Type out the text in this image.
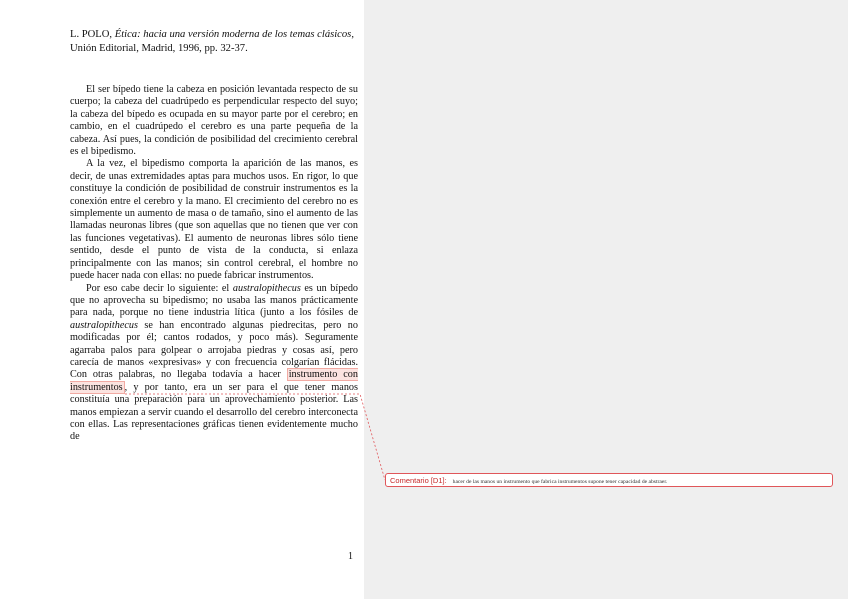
L. POLO, Ética: hacia una versión moderna de los temas clásicos, Unión Editorial, Madrid, 1996, pp. 32-37.

El ser bípedo tiene la cabeza en posición levantada respecto de su cuerpo; la cabeza del cuadrúpedo es perpendicular respecto del suyo; la cabeza del bípedo es ocupada en su mayor parte por el cerebro; en cambio, en el cuadrúpedo el cerebro es una parte pequeña de la cabeza. Así pues, la condición de posibilidad del crecimiento cerebral es el bipedismo.

A la vez, el bipedismo comporta la aparición de las manos, es decir, de unas extremidades aptas para muchos usos. En rigor, lo que constituye la condición de posibilidad de construir instrumentos es la conexión entre el cerebro y la mano. El crecimiento del cerebro no es simplemente un aumento de masa o de tamaño, sino el aumento de las llamadas neuronas libres (que son aquellas que no tienen que ver con las funciones vegetativas). El aumento de neuronas libres sólo tiene sentido, desde el punto de vista de la conducta, si enlaza principalmente con las manos; sin control cerebral, el hombre no puede hacer nada con ellas: no puede fabricar instrumentos.

Por eso cabe decir lo siguiente: el australopithecus es un bípedo que no aprovecha su bipedismo; no usaba las manos prácticamente para nada, porque no tiene industria lítica (junto a los fósiles de australopithecus se han encontrado algunas piedrecitas, pero no modificadas por él; cantos rodados, y poco más). Seguramente agarraba palos para golpear o arrojaba piedras y cosas así, pero carecía de manos «expresivas» y con frecuencia colgarían flácidas. Con otras palabras, no llegaba todavía a hacer instrumento con instrumentos , y por tanto, era un ser para el que tener manos constituía una preparación para un aprovechamiento posterior. Las manos empiezan a servir cuando el desarrollo del cerebro interconecta con ellas. Las representaciones gráficas tienen evidentemente mucho de

1
Comentario [D1]: hacer de las manos un instrumento que fabrica instrumentos supone tener capacidad de abstraer.
